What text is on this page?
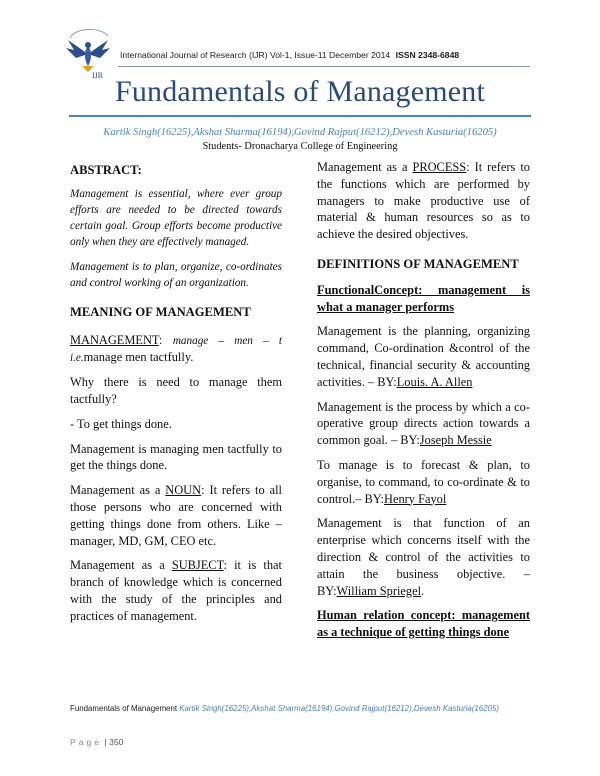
IJR
International Journal of Research (IJR) Vol-1, Issue-11 December 2014 ISSN 2348-6848
Fundamentals of Management
Kartik Singh(16225),Akshat Sharma(16194),Govind Rajput(16212),Devesh Kasturia(16205)
Students- Dronacharya College of Engineering

ABSTRACT:

Management is essential, where ever group efforts are needed to be directed towards certain goal. Group efforts become productive only when they are effectively managed.

Management is to plan, organize, co-ordinates and control working of an organization.

MEANING OF MANAGEMENT

MANAGEMENT: manage – men – t i.e.manage men tactfully.

Why there is need to manage them tactfully?

- To get things done.

Management is managing men tactfully to get the things done.

Management as a NOUN: It refers to all those persons who are concerned with getting things done from others. Like – manager, MD, GM, CEO etc.

Management as a SUBJECT: it is that branch of knowledge which is concerned with the study of the principles and practices of management.

Management as a PROCESS: It refers to the functions which are performed by managers to make productive use of material & human resources so as to achieve the desired objectives.

DEFINITIONS OF MANAGEMENT

FunctionalConcept: management is what a manager performs

Management is the planning, organizing command, Co-ordination &control of the technical, financial security & accounting activities. – BY:Louis. A. Allen

Management is the process by which a co-operative group directs action towards a common goal. – BY:Joseph Messie

To manage is to forecast & plan, to organise, to command, to co-ordinate & to control.– BY:Henry Fayol

Management is that function of an enterprise which concerns itself with the direction & control of the activities to attain the business objective. – BY:William Spriegel.

Human relation concept: management as a technique of getting things done

Fundamentals of Management Kartik Singh(16225),Akshat Sharma(16194),Govind Rajput(16212),Devesh Kasturia(16205)
Page | 350
